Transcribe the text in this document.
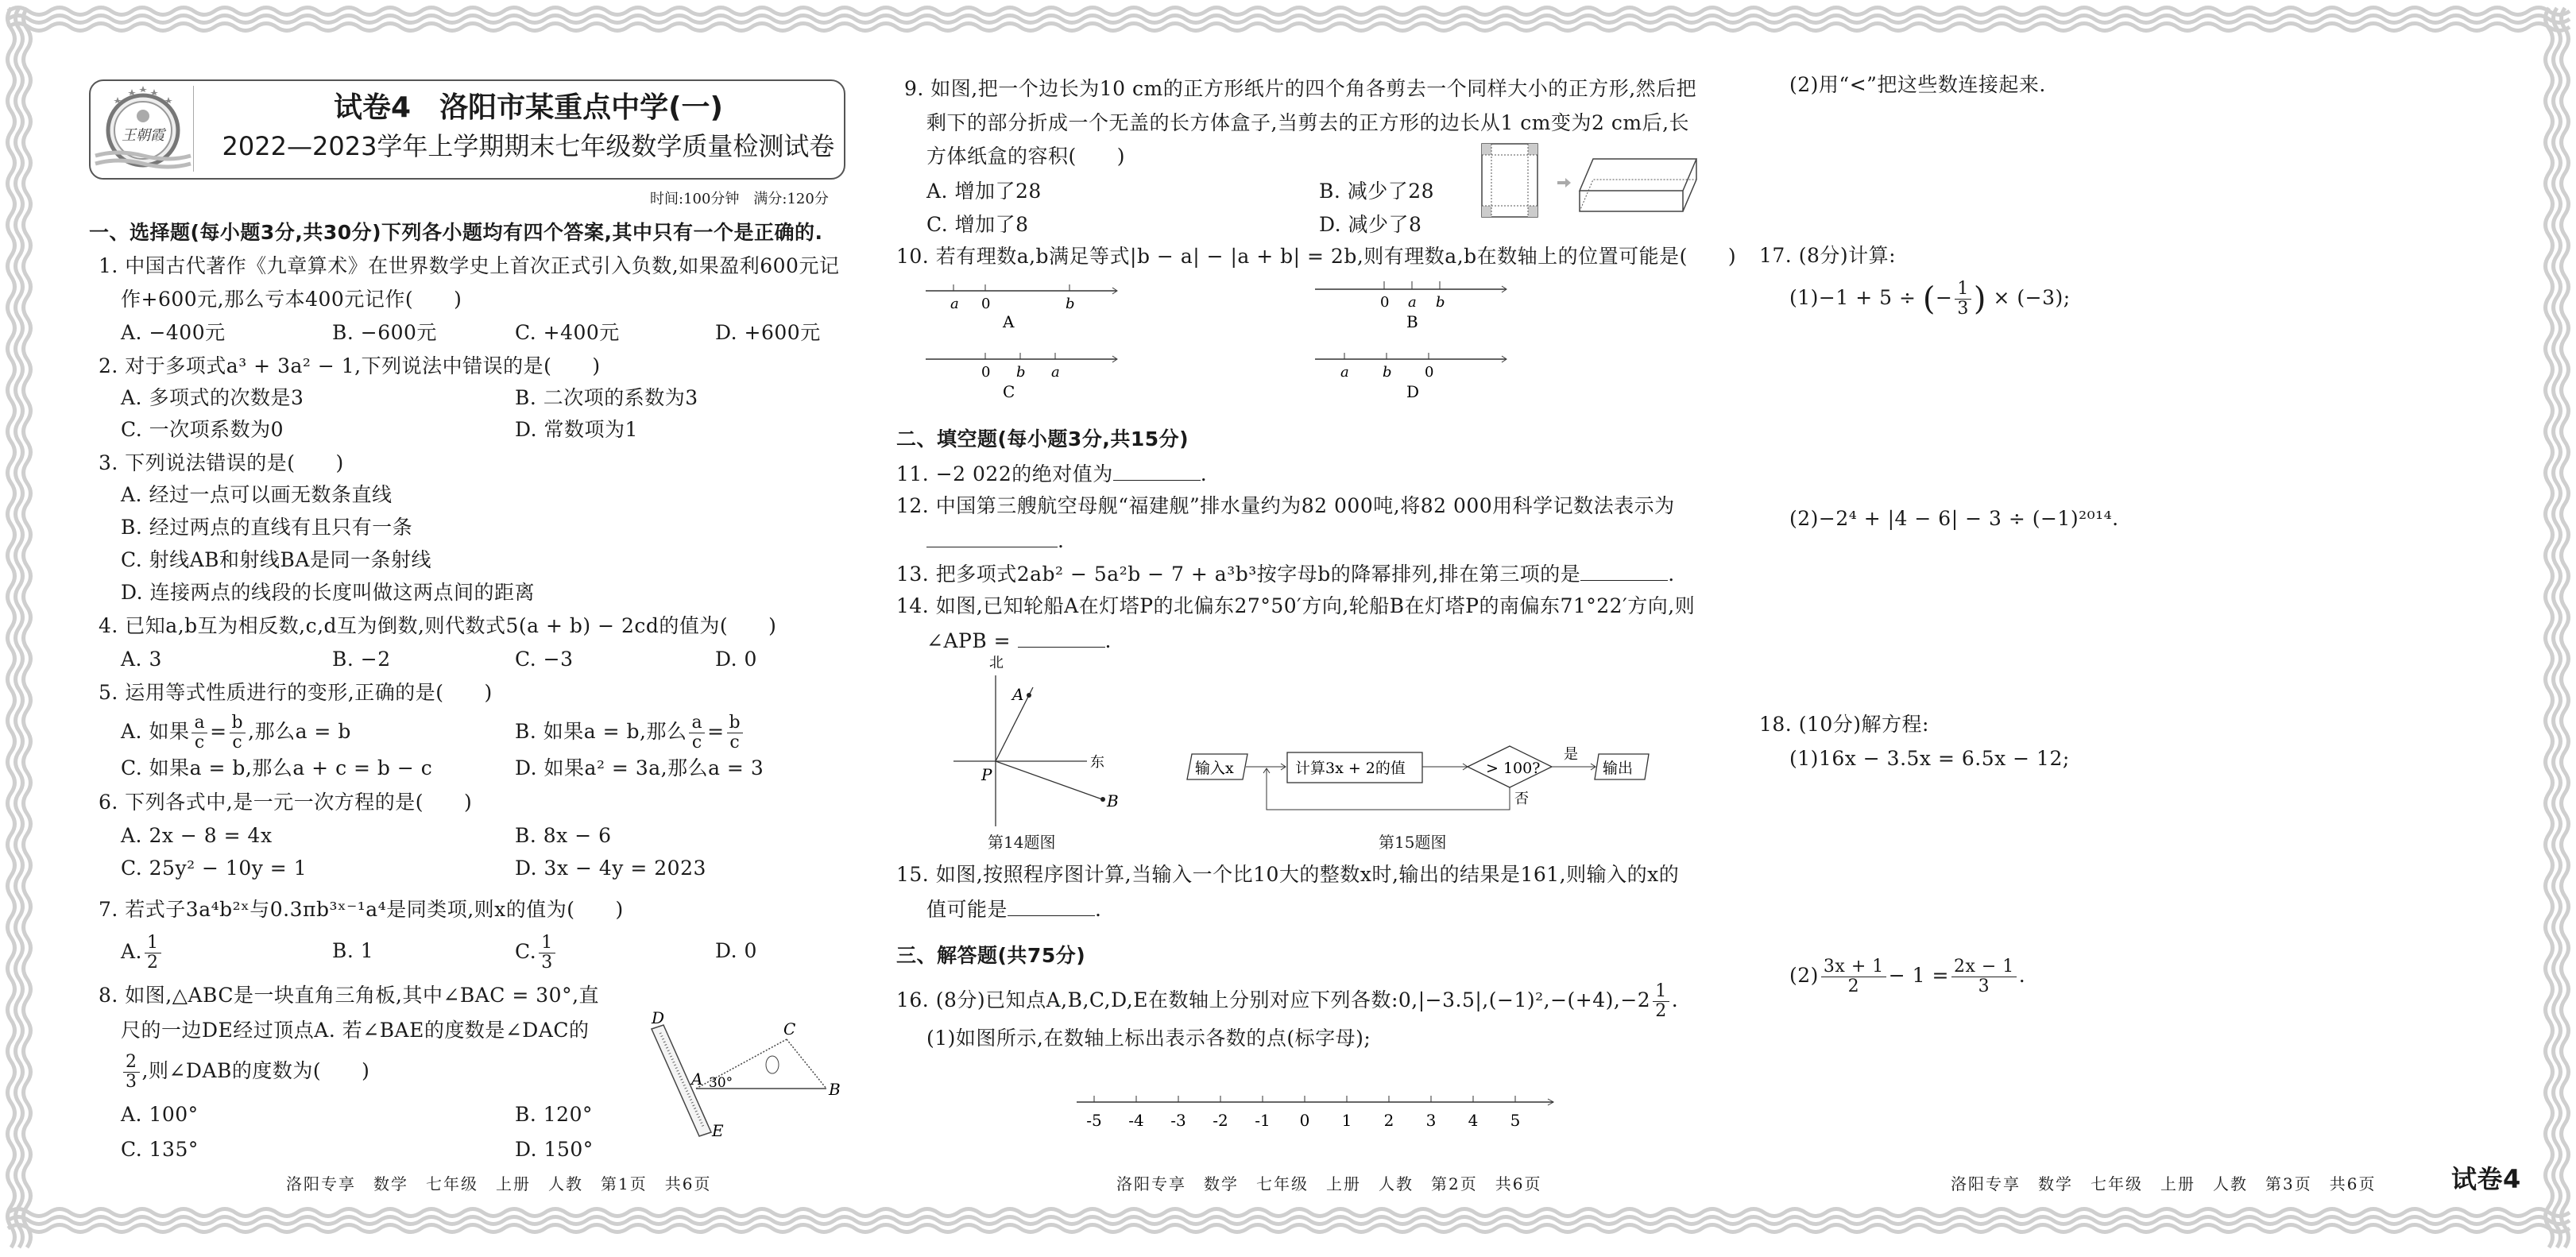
王朝霞
试卷4　洛阳市某重点中学(一)
2022—2023学年上学期期末七年级数学质量检测试卷
时间:100分钟　满分:120分
一、选择题(每小题3分,共30分)下列各小题均有四个答案,其中只有一个是正确的.
1. 中国古代著作《九章算术》在世界数学史上首次正式引入负数,如果盈利600元记
作+600元,那么亏本400元记作(　　)
A. −400元	B. −600元	C. +400元	D. +600元
2. 对于多项式a³ + 3a² − 1,下列说法中错误的是(　　)
A. 多项式的次数是3	B. 二次项的系数为3
C. 一次项系数为0	D. 常数项为1
3. 下列说法错误的是(　　)
A. 经过一点可以画无数条直线
B. 经过两点的直线有且只有一条
C. 射线AB和射线BA是同一条射线
D. 连接两点的线段的长度叫做这两点间的距离
4. 已知a,b互为相反数,c,d互为倒数,则代数式5(a + b) − 2cd的值为(　　)
A. 3	B. −2	C. −3	D. 0
5. 运用等式性质进行的变形,正确的是(　　)
A. 如果 $\frac{a}{c} = \frac{b}{c}$ ,那么a = b	B. 如果a = b,那么 $\frac{a}{c} = \frac{b}{c}$
C. 如果a = b,那么a + c = b − c	D. 如果a² = 3a,那么a = 3
6. 下列各式中,是一元一次方程的是(　　)
A. 2x − 8 = 4x	B. 8x − 6
C. 25y² − 10y = 1	D. 3x − 4y = 2023
7. 若式子3a⁴b²ˣ与0.3πb³ˣ⁻¹a⁴是同类项,则x的值为(　　)
A. $\frac{1}{2}$	B. 1	C. $\frac{1}{3}$	D. 0
8. 如图,△ABC是一块直角三角板,其中∠BAC = 30°,直
尺的一边DE经过顶点A. 若∠BAE的度数是∠DAC的
$\frac{2}{3}$ ,则∠DAB的度数为(　　)
A. 100°	B. 120°
C. 135°	D. 150°
D
E
A
B
C
30°
洛阳专享　数学　七年级　上册　人教　第1页　共6页
9. 如图,把一个边长为10 cm的正方形纸片的四个角各剪去一个同样大小的正方形,然后把
剩下的部分折成一个无盖的长方体盒子,当剪去的正方形的边长从1 cm变为2 cm后,长
方体纸盒的容积(　　)
A. 增加了28	B. 减少了28
C. 增加了8	D. 减少了8
10. 若有理数a,b满足等式|b − a| − |a + b| = 2b,则有理数a,b在数轴上的位置可能是(　　)
a 0	b
A
0 a b
B
0 b a
C
a b 0
D
二、填空题(每小题3分,共15分)
11. −2 022的绝对值为	.
12. 中国第三艘航空母舰“福建舰”排水量约为82 000吨,将82 000用科学记数法表示为
.
13. 把多项式2ab² − 5a²b − 7 + a³b³按字母b的降幂排列,排在第三项的是	.
14. 如图,已知轮船A在灯塔P的北偏东27°50′方向,轮船B在灯塔P的南偏东71°22′方向,则
∠APB =	.
北
东
P
A
B
第14题图
输入x	计算3x + 2的值	> 100?
是
输出
否
第15题图
15. 如图,按照程序图计算,当输入一个比10大的整数x时,输出的结果是161,则输入的x的
值可能是	.
三、解答题(共75分)
16. (8分)已知点A,B,C,D,E在数轴上分别对应下列各数:0,|−3.5|,(−1)²,−(+4),−2 $\frac{1}{2}$ .
(1)如图所示,在数轴上标出表示各数的点(标字母);
-5 -4 -3 -2 -1 0 1 2 3 4 5
洛阳专享　数学　七年级　上册　人教　第2页　共6页
(2)用“<”把这些数连接起来.
17. (8分)计算:
(1)−1 + 5 ÷ (− $\frac{1}{3}$ ) × (−3);
(2)−2⁴ + |4 − 6| − 3 ÷ (−1)²⁰¹⁴.
18. (10分)解方程:
(1)16x − 3.5x = 6.5x − 12;
$(2) \frac{3x + 1}{2} - 1 = \frac{2x - 1}{3}$ .
洛阳专享　数学　七年级　上册　人教　第3页　共6页	试卷4
